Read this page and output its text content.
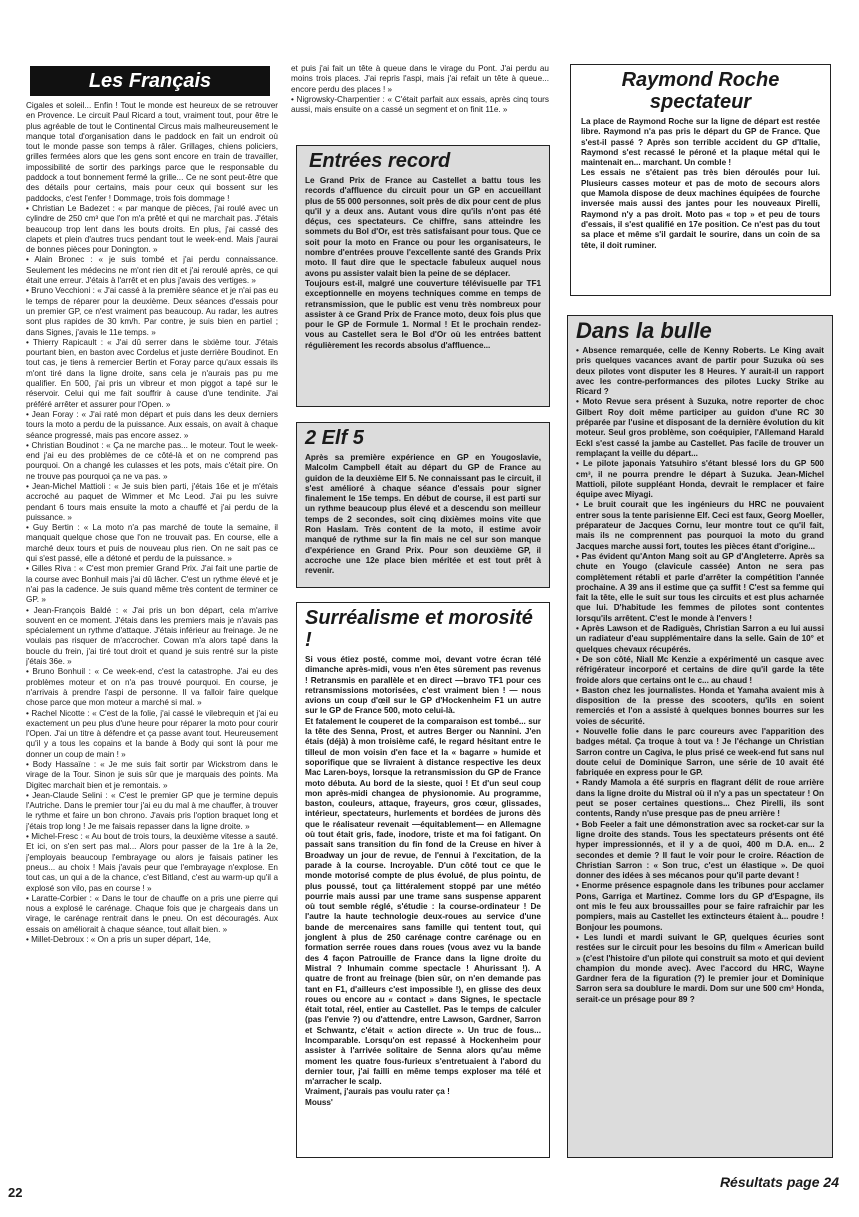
Les Français

Cigales et soleil... Enfin ! Tout le monde est heureux de se retrouver en Provence. Le circuit Paul Ricard a tout, vraiment tout, pour être le plus agréable de tout le Continental Circus mais malheureusement le manque total d'organisation dans le paddock en fait un endroit où tout le monde passe son temps à râler. Grillages, chiens policiers, grilles fermées alors que les gens sont encore en train de travailler, impossibilité de sortir des parkings parce que le responsable du paddock a tout bonnement fermé la grille... Ce ne sont peut-être que des détails pour certains, mais pour ceux qui bossent sur les paddocks, c'est l'enfer ! Dommage, trois fois dommage !

• Christian Le Badezet : « par manque de pièces, j'ai roulé avec un cylindre de 250 cm³ que l'on m'a prêté et qui ne marchait pas. J'étais beaucoup trop lent dans les bouts droits. En plus, j'ai cassé des clapets et plein d'autres trucs pendant tout le week-end. Mais j'aurai de bonnes pièces pour Donington. »

• Alain Bronec : « je suis tombé et j'ai perdu connaissance. Seulement les médecins ne m'ont rien dit et j'ai reroulé après, ce qui était une erreur. J'étais à l'arrêt et en plus j'avais des vertiges. »

• Bruno Vecchioni : « J'ai cassé à la première séance et je n'ai pas eu le temps de réparer pour la deuxième. Deux séances d'essais pour un premier GP, ce n'est vraiment pas beaucoup. Au radar, les autres sont plus rapides de 30 km/h. Par contre, je suis bien en partiel ; dans Signes, j'avais le 11e temps. »

• Thierry Rapicault : « J'ai dû serrer dans le sixième tour. J'étais pourtant bien, en baston avec Cordelus et juste derrière Boudinot. En tout cas, je tiens à remercier Bertin et Foray parce qu'aux essais ils m'ont tiré dans la ligne droite, sans cela je n'aurais pas pu me qualifier. En 500, j'ai pris un vibreur et mon piggot a tapé sur le réservoir. Celui qui me fait souffrir à cause d'une tendinite. J'ai préféré arrêter et assurer pour l'Open. »

• Jean Foray : « J'ai raté mon départ et puis dans les deux derniers tours la moto a perdu de la puissance. Aux essais, on avait à chaque séance progressé, mais pas encore assez. »

• Christian Boudinot : « Ça ne marche pas... le moteur. Tout le week-end j'ai eu des problèmes de ce côté-là et on ne comprend pas pourquoi. On a changé les culasses et les pots, mais c'était pire. On ne trouve pas pourquoi ça ne va pas. »

• Jean-Michel Mattioli : « Je suis bien parti, j'étais 16e et je m'étais accroché au paquet de Wimmer et Mc Leod. J'ai pu les suivre pendant 6 tours mais ensuite la moto a chauffé et j'ai perdu de la puissance. »

• Guy Bertin : « La moto n'a pas marché de toute la semaine, il manquait quelque chose que l'on ne trouvait pas. En course, elle a marché deux tours et puis de nouveau plus rien. On ne sait pas ce qui s'est passé, elle a détoné et perdu de la puissance. »

• Gilles Riva : « C'est mon premier Grand Prix. J'ai fait une partie de la course avec Bonhuil mais j'ai dû lâcher. C'est un rythme élevé et je n'ai pas la cadence. Je suis quand même très content de terminer ce GP. »

• Jean-François Baldé : « J'ai pris un bon départ, cela m'arrive souvent en ce moment. J'étais dans les premiers mais je n'avais pas spécialement un rythme d'attaque. J'étais inférieur au freinage. Je ne voulais pas risquer de m'accrocher. Cowan m'a alors tapé dans la boucle du frein, j'ai tiré tout droit et quand je suis rentré sur la piste j'étais 36e. »

• Bruno Bonhuil : « Ce week-end, c'est la catastrophe. J'ai eu des problèmes moteur et on n'a pas trouvé pourquoi. En course, je n'arrivais à prendre l'aspi de personne. Il va falloir faire quelque chose parce que mon moteur a marché si mal. »

• Rachel Nicotte : « C'est de la folie, j'ai cassé le vilebrequin et j'ai eu exactement un peu plus d'une heure pour réparer la moto pour courir l'Open. J'ai un titre à défendre et ça passe avant tout. Heureusement qu'il y a tous les copains et la bande à Body qui sont là pour me donner un coup de main ! »

• Body Hassaïne : « Je me suis fait sortir par Wickstrom dans le virage de la Tour. Sinon je suis sûr que je marquais des points. Ma Digitec marchait bien et je remontais. »

• Jean-Claude Selini : « C'est le premier GP que je termine depuis l'Autriche. Dans le premier tour j'ai eu du mal à me chauffer, à trouver le rythme et faire un bon chrono. J'avais pris l'option braquet long et j'étais trop long ! Je me faisais repasser dans la ligne droite. »

• Michel-Fresc : « Au bout de trois tours, la deuxième vitesse a sauté. Et ici, on s'en sert pas mal... Alors pour passer de la 1re à la 2e, j'employais beaucoup l'embrayage ou alors je faisais patiner les pneus... au choix ! Mais j'avais peur que l'embrayage n'explose. En tout cas, un qui a de la chance, c'est Bitland, c'est au warm-up qu'il a explosé son vilo, pas en course ! »

• Laratte-Corbier : « Dans le tour de chauffe on a pris une pierre qui nous a explosé le carénage. Chaque fois que je chargeais dans un virage, le carénage rentrait dans le pneu. On est découragés. Aux essais on améliorait à chaque séance, tout allait bien. »

• Millet-Debroux : « On a pris un super départ, 14e,

et puis j'ai fait un tête à queue dans le virage du Pont. J'ai perdu au moins trois places. J'ai repris l'aspi, mais j'ai refait un tête à queue... encore perdu des places ! »

• Nigrowsky-Charpentier : « C'était parfait aux essais, après cinq tours aussi, mais ensuite on a cassé un segment et on finit 11e. »

Entrées record

Le Grand Prix de France au Castellet a battu tous les records d'affluence du circuit pour un GP en accueillant plus de 55 000 personnes, soit près de dix pour cent de plus qu'il y a deux ans. Autant vous dire qu'ils n'ont pas été déçus, ces spectateurs. Ce chiffre, sans atteindre les sommets du Bol d'Or, est très satisfaisant pour tous. Que ce soit pour la moto en France ou pour les organisateurs, le nombre d'entrées prouve l'excellente santé des Grands Prix moto. Il faut dire que le spectacle fabuleux auquel nous avons pu assister valait bien la peine de se déplacer.

Toujours est-il, malgré une couverture télévisuelle par TF1 exceptionnelle en moyens techniques comme en temps de retransmission, que le public est venu très nombreux pour assister à ce Grand Prix de France moto, deux fois plus que pour le GP de Formule 1. Normal ! Et le prochain rendez-vous au Castellet sera le Bol d'Or où les entrées battent régulièrement les records absolus d'affluence...

2 Elf 5

Après sa première expérience en GP en Yougoslavie, Malcolm Campbell était au départ du GP de France au guidon de la deuxième Elf 5. Ne connaissant pas le circuit, il s'est amélioré à chaque séance d'essais pour signer finalement le 15e temps. En début de course, il est parti sur un rythme beaucoup plus élevé et a descendu son meilleur temps de 2 secondes, soit cinq dixièmes moins vite que Ron Haslam. Très content de la moto, il estime avoir manqué de rythme sur la fin mais ne cel sur son manque d'expérience en Grand Prix. Pour son deuxième GP, il accroche une 12e place bien méritée et est tout prêt à revenir.

Surréalisme et morosité !

Si vous étiez posté, comme moi, devant votre écran télé dimanche après-midi, vous n'en êtes sûrement pas revenus ! Retransmis en parallèle et en direct —bravo TF1 pour ces retransmissions motorisées, c'est vraiment bien ! — nous avions un coup d'œil sur le GP d'Hockenheim F1 un autre sur le GP de France 500, moto celui-là.

Et fatalement le couperet de la comparaison est tombé... sur la tête des Senna, Prost, et autres Berger ou Nannini. J'en étais (déjà) à mon troisième café, le regard hésitant entre le tilleul de mon voisin d'en face et la « bagarre » humide et soporifique que se livraient à distance respective les deux Mac Laren-boys, lorsque la retransmission du GP de France moto débuta. Au bord de la sieste, quoi ! Et d'un seul coup mon après-midi changea de physionomie. Au programme, baston, couleurs, attaque, frayeurs, gros cœur, glissades, intérieur, spectateurs, hurlements et bordées de jurons dès que le réalisateur revenait —équitablement— en Allemagne où tout était gris, fade, inodore, triste et ma foi fatigant. On passait sans transition du fin fond de la Creuse en hiver à Broadway un jour de revue, de l'ennui à l'excitation, de la parade à la course. Incroyable. D'un côté tout ce que le monde motorisé compte de plus évolué, de plus pointu, de plus poussé, tout ça littéralement stoppé par une météo pourrie mais aussi par une trame sans suspense apparent où tout semble réglé, s'étudie : la course-ordinateur ! De l'autre la haute technologie deux-roues au service d'une bande de mercenaires sans famille qui tentent tout, qui jonglent à plus de 250 carénage contre carénage ou en formation serrée roues dans roues (vous avez vu la bande des 4 façon Patrouille de France dans la ligne droite du Mistral ? Inhumain comme spectacle ! Ahurissant !). A quatre de front au freinage (bien sûr, on n'en demande pas tant en F1, d'ailleurs c'est impossible !), en glisse des deux roues ou encore au « contact » dans Signes, le spectacle était total, réel, entier au Castellet. Pas le temps de calculer (pas l'envie ?) ou d'attendre, entre Lawson, Gardner, Sarron et Schwantz, c'était « action directe ». Un truc de fous... Incomparable. Lorsqu'on est repassé à Hockenheim pour assister à l'arrivée solitaire de Senna alors qu'au même moment les quatre fous-furieux s'entretuaient à l'abord du dernier tour, j'ai failli en même temps exploser ma télé et m'arracher le scalp.

Vraiment, j'aurais pas voulu rater ça !

Mouss'

Raymond Roche
spectateur

La place de Raymond Roche sur la ligne de départ est restée libre. Raymond n'a pas pris le départ du GP de France. Que s'est-il passé ? Après son terrible accident du GP d'Italie, Raymond s'est recassé le péroné et la plaque métal qui le maintenait en... marchant. Un comble !

Les essais ne s'étaient pas très bien déroulés pour lui. Plusieurs casses moteur et pas de moto de secours alors que Mamola dispose de deux machines équipées de fourche inversée mais aussi des jantes pour les nouveaux Pirelli, Raymond n'y a pas droit. Moto pas « top » et peu de tours d'essais, il s'est qualifié en 17e position. Ce n'est pas du tout sa place et même s'il gardait le sourire, dans un coin de sa tête, il doit ruminer.

Dans la bulle

• Absence remarquée, celle de Kenny Roberts. Le King avait pris quelques vacances avant de partir pour Suzuka où ses deux pilotes vont disputer les 8 Heures. Y aurait-il un rapport avec les contre-performances des pilotes Lucky Strike au Ricard ?

• Moto Revue sera présent à Suzuka, notre reporter de choc Gilbert Roy doit même participer au guidon d'une RC 30 préparée par l'usine et disposant de la dernière évolution du kit moteur. Seul gros problème, son coéquipier, l'Allemand Harald Eckl s'est cassé la jambe au Castellet. Pas facile de trouver un remplaçant la veille du départ...

• Le pilote japonais Yatsuhiro s'étant blessé lors du GP 500 cm³, il ne pourra prendre le départ à Suzuka. Jean-Michel Mattioli, pilote suppléant Honda, devrait le remplacer et faire équipe avec Miyagi.

• Le bruit courait que les ingénieurs du HRC ne pouvaient entrer sous la tente parisienne Elf. Ceci est faux, Georg Moeller, préparateur de Jacques Cornu, leur montre tout ce qu'il fait, mais ils ne comprennent pas pourquoi la moto du grand Jacques marche aussi fort, toutes les pièces étant d'origine...

• Pas évident qu'Anton Mang soit au GP d'Angleterre. Après sa chute en Yougo (clavicule cassée) Anton ne sera pas complètement rétabli et parle d'arrêter la compétition l'année prochaine. A 39 ans il estime que ça suffit ! C'est sa femme qui fait la tête, elle le suit sur tous les circuits et est plus acharnée que lui. D'habitude les femmes de pilotes sont contentes lorsqu'ils arrêtent. C'est le monde à l'envers !

• Après Lawson et de Radiguès, Christian Sarron a eu lui aussi un radiateur d'eau supplémentaire dans la selle. Gain de 10° et quelques chevaux récupérés.

• De son côté, Niall Mc Kenzie a expérimenté un casque avec réfrigérateur incorporé et certains de dire qu'il garde la tête froide alors que certains ont le c... au chaud !

• Baston chez les journalistes. Honda et Yamaha avaient mis à disposition de la presse des scooters, qu'ils en soient remerciés et l'on a assisté à quelques bonnes bourres sur les voies de sécurité.

• Nouvelle folie dans le parc coureurs avec l'apparition des badges métal. Ça troque à tout va ! Je l'échange un Christian Sarron contre un Cagiva, le plus prisé ce week-end fut sans nul doute celui de Dominique Sarron, une série de 10 avait été fabriquée en express pour le GP.

• Randy Mamola a été surpris en flagrant délit de roue arrière dans la ligne droite du Mistral où il n'y a pas un spectateur ! On peut se poser certaines questions... Chez Pirelli, ils sont contents, Randy n'use presque pas de pneu arrière !

• Bob Feeler a fait une démonstration avec sa rocket-car sur la ligne droite des stands. Tous les spectateurs présents ont été hyper impressionnés, et il y a de quoi, 400 m D.A. en... 2 secondes et demie ? Il faut le voir pour le croire. Réaction de Christian Sarron : « Son truc, c'est un élastique ». De quoi donner des idées à ses mécanos pour qu'il parte devant !

• Enorme présence espagnole dans les tribunes pour acclamer Pons, Garriga et Martinez. Comme lors du GP d'Espagne, ils ont mis le feu aux broussailles pour se faire rafraichir par les pompiers, mais au Castellet les extincteurs étaient à... poudre ! Bonjour les poumons.

• Les lundi et mardi suivant le GP, quelques écuries sont restées sur le circuit pour les besoins du film « American build » (c'est l'histoire d'un pilote qui construit sa moto et qui devient champion du monde avec). Avec l'accord du HRC, Wayne Gardner fera de la figuration (?) le premier jour et Dominique Sarron sera sa doublure le mardi. Dom sur une 500 cm³ Honda, serait-ce un présage pour 89 ?

22
Résultats page 24
